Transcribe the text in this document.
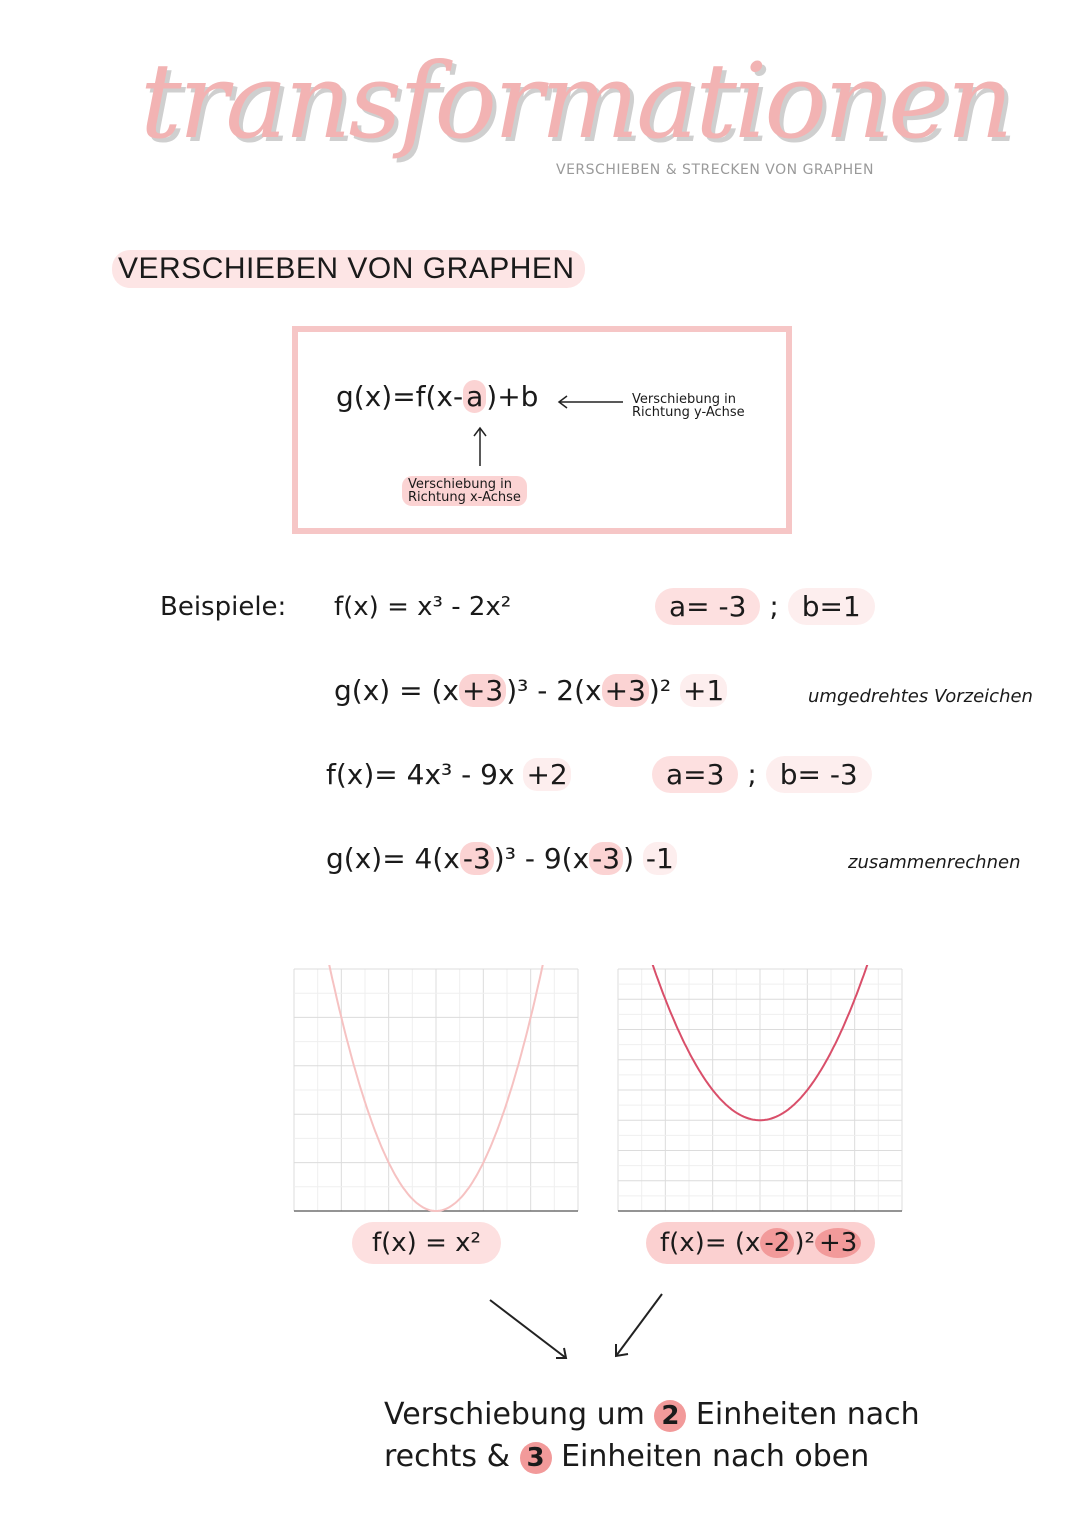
transformationen
VERSCHIEBEN & STRECKEN VON GRAPHEN
VERSCHIEBEN VON GRAPHEN
g(x)=f(x- a )+b	Verschiebung in
Richtung y-Achse
Verschiebung in
Richtung x-Achse
Beispiele: f(x) = x³ - 2x²	a= -3 ; b=1
g(x) = (x +3 )³ - 2(x +3 )² +1	umgedrehtes Vorzeichen
f(x)= 4x³ - 9x +2	a=3 ; b= -3
g(x)= 4(x -3 )³ - 9(x -3 ) -1	zusammenrechnen
f(x) = x²	f(x)= (x -2 )² +3
Verschiebung um 2 Einheiten nach
rechts & 3 Einheiten nach oben
